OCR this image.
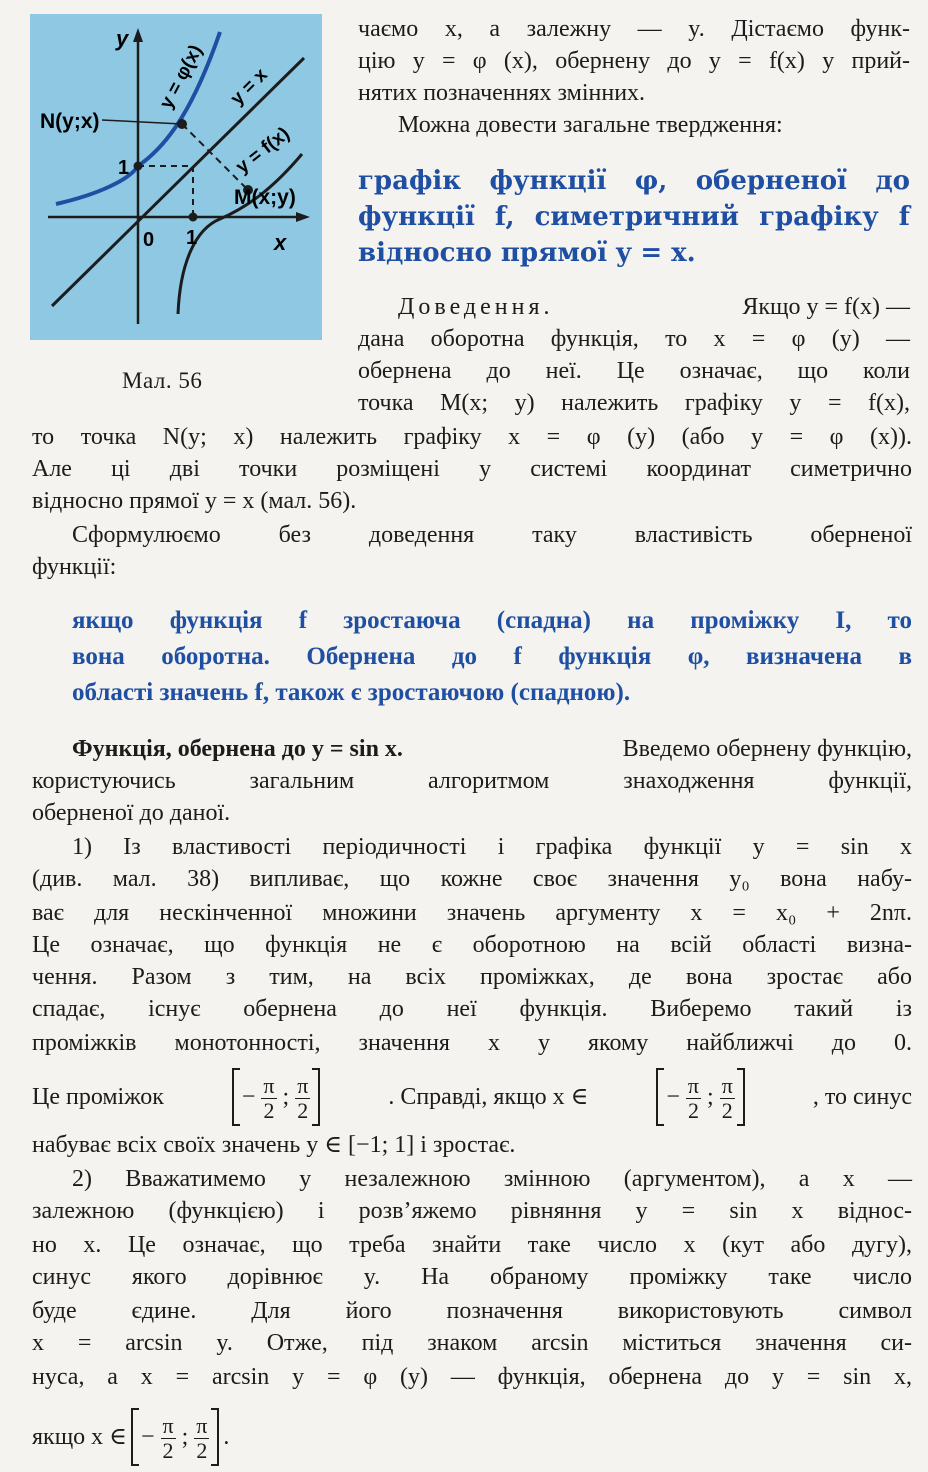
y
x
0
1
1
N(y;x)
M(x;y)
y = φ(x) y = x
y = f(x)
Мал. 56
чаємо x, а залежну — y. Дістаємо функ-
цію y = φ (x), обернену до y = f(x) у прий-
нятих позначеннях змінних.
Можна довести загальне твердження:
графік функції φ, оберненої до
функції f, симетричний графіку f
відносно прямої y = x.
Доведення.	Якщо y = f(x) —
дана оборотна функція, то x = φ (y) —
обернена до неї. Це означає, що коли
точка M(x; y) належить графіку y = f(x),
то точка N(y; x) належить графіку x = φ (y) (або y = φ (x)).
Але ці дві точки розміщені у системі координат симетрично
відносно прямої y = x (мал. 56).
Сформулюємо без доведення таку властивість оберненої
функції:
якщо функція f зростаюча (спадна) на проміжку I, то
вона оборотна. Обернена до f функція φ, визначена в
області значень f, також є зростаючою (спадною).
Функція, обернена до y = sin x.	Введемо обернену функцію,
користуючись загальним алгоритмом знаходження функції,
оберненої до даної.
1) Із властивості періодичності і графіка функції y = sin x
(див. мал. 38) випливає, що кожне своє значення y₀ вона набу-
ває для нескінченної множини значень аргументу x = x₀ + 2nπ.
Це означає, що функція не є оборотною на всій області визна-
чення. Разом з тим, на всіх проміжках, де вона зростає або
спадає, існує обернена до неї функція. Виберемо такий із
проміжків монотонності, значення x у якому найближчі до 0.
Це проміжок	− $\frac{\pi}{2}$ ; $\frac{\pi}{2}$	. Справді, якщо x ∈	− $\frac{\pi}{2}$ ; $\frac{\pi}{2}$	, то синус
набуває всіх своїх значень y ∈ [−1; 1] і зростає.
2) Вважатимемо y незалежною змінною (аргументом), а x —
залежною (функцією) і розв’яжемо рівняння y = sin x віднос-
но x. Це означає, що треба знайти таке число x (кут або дугу),
синус якого дорівнює y. На обраному проміжку таке число
буде єдине. Для його позначення використовують символ
x = arcsin y. Отже, під знаком arcsin міститься значення си-
нуса, а x = arcsin y = φ (y) — функція, обернена до y = sin x,
якщо x ∈ − $\frac{\pi}{2}$ ; $\frac{\pi}{2}$ .
